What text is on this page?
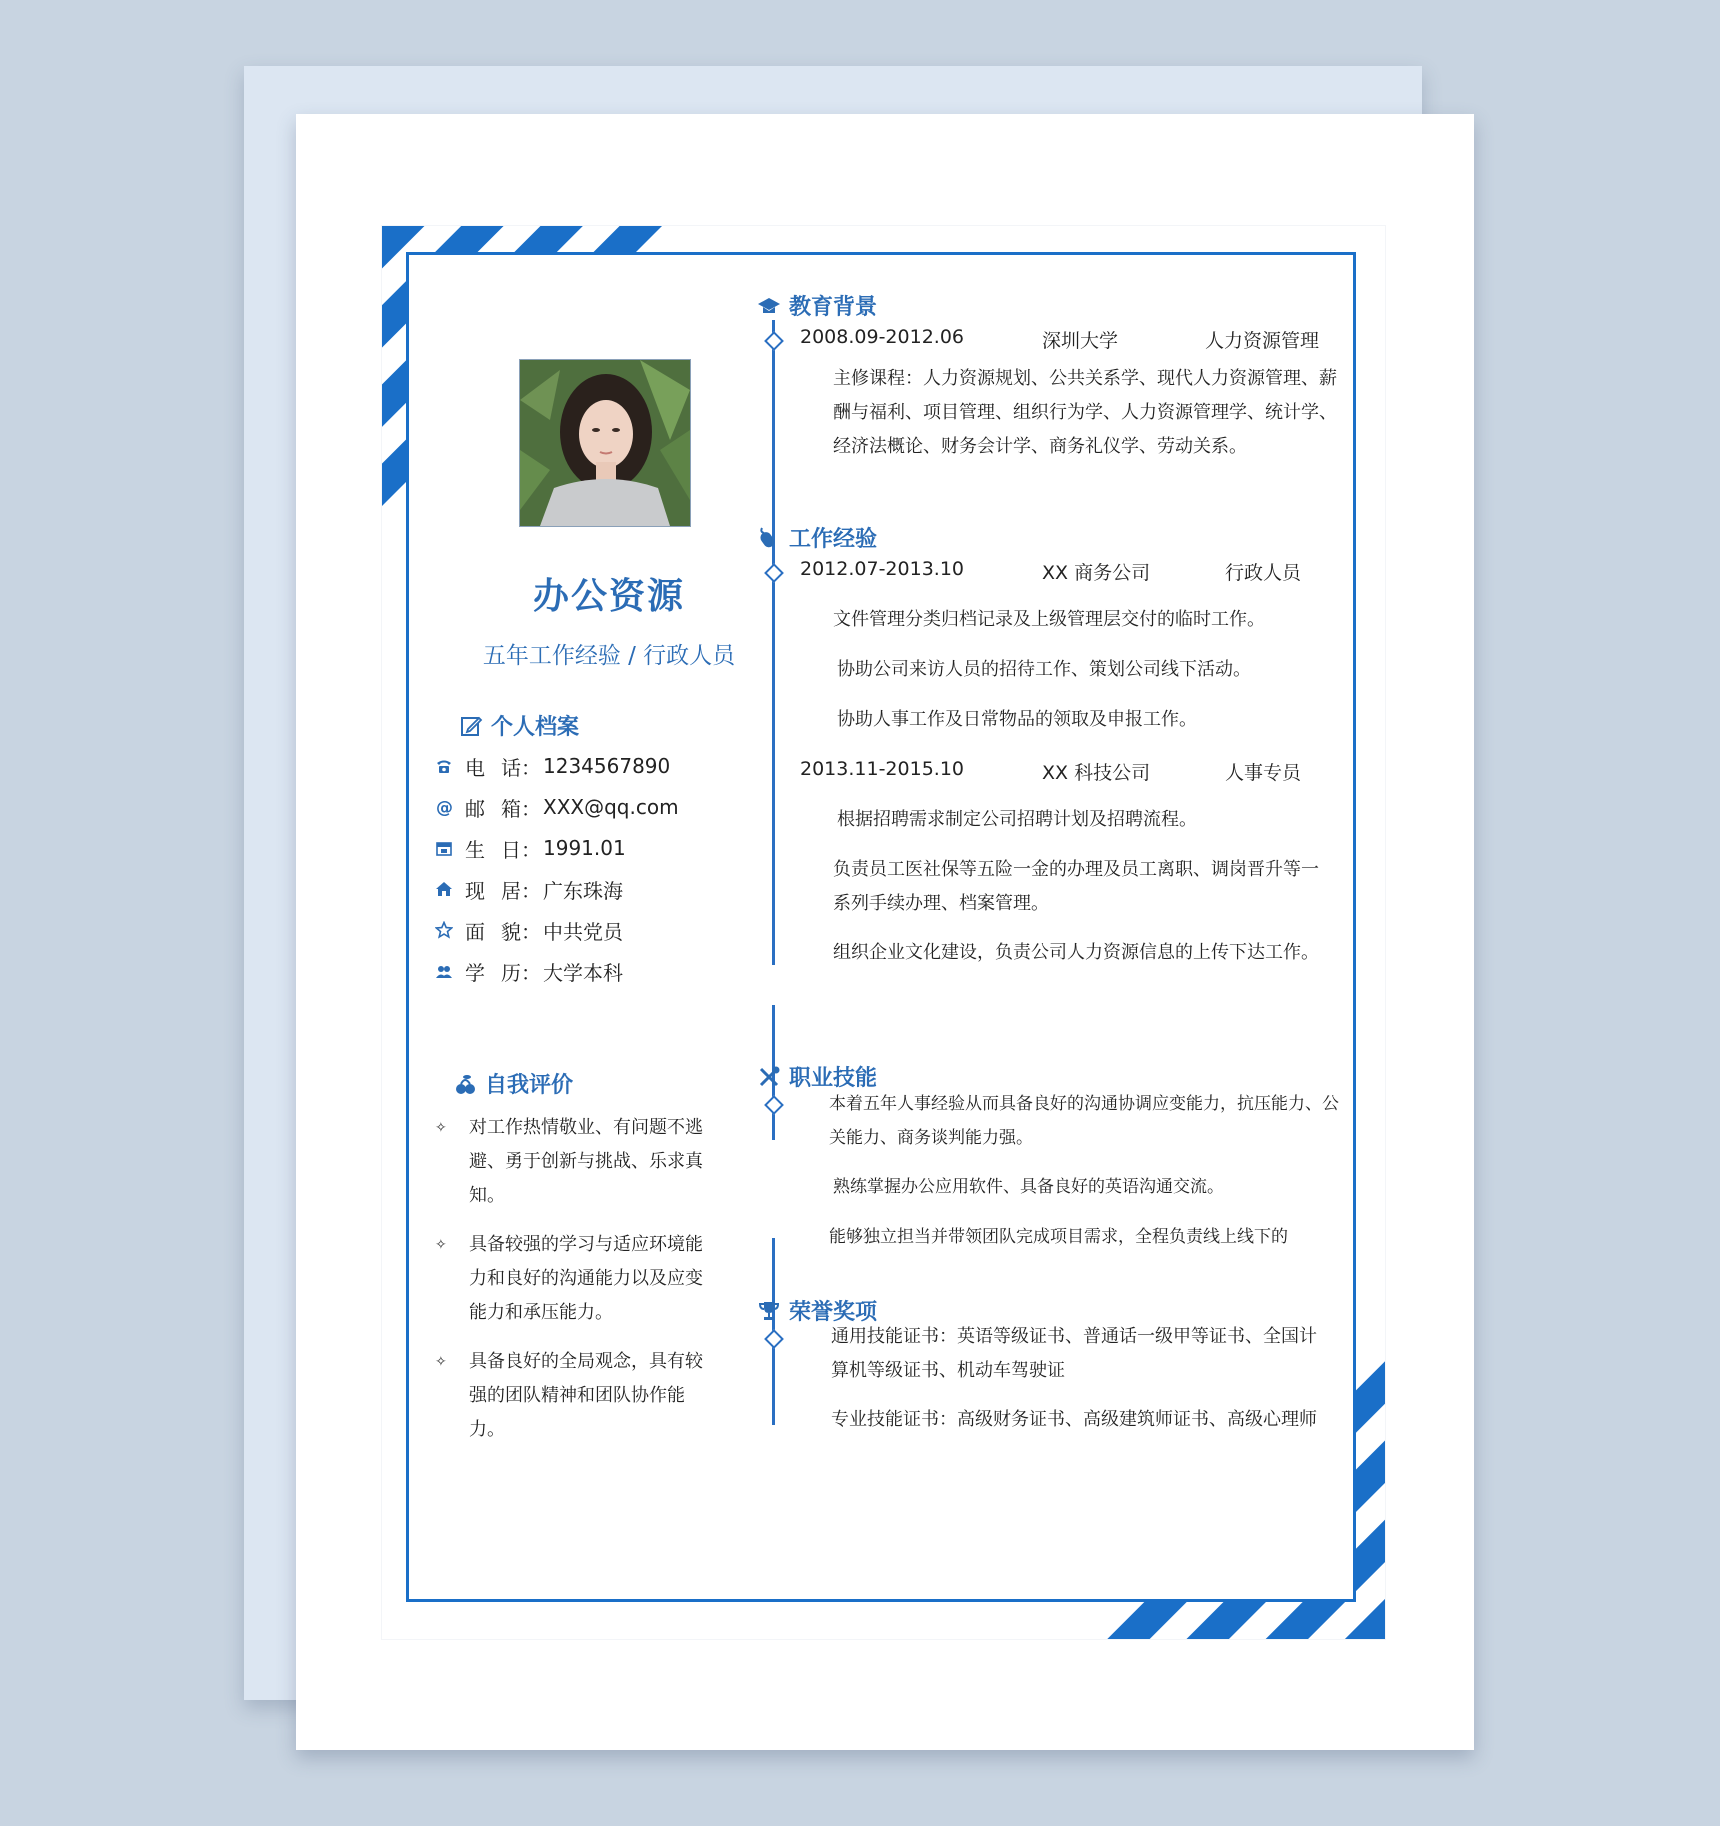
办公资源
五年工作经验 / 行政人员
个人档案
电 话： 1234567890
@ 邮 箱： XXX@qq.com
生 日： 1991.01
现 居： 广东珠海
面 貌： 中共党员
学 历： 大学本科
自我评价
✧	对工作热情敬业、有问题不逃避、勇于创新与挑战、乐求真知。
✧	具备较强的学习与适应环境能力和良好的沟通能力以及应变能力和承压能力。
✧	具备良好的全局观念，具有较强的团队精神和团队协作能力。
教育背景
2008.09-2012.06	深圳大学	人力资源管理
主修课程：人力资源规划、公共关系学、现代人力资源管理、薪酬与福利、项目管理、组织行为学、人力资源管理学、统计学、经济法概论、财务会计学、商务礼仪学、劳动关系。
工作经验
2012.07-2013.10	XX 商务公司	行政人员
文件管理分类归档记录及上级管理层交付的临时工作。
协助公司来访人员的招待工作、策划公司线下活动。
协助人事工作及日常物品的领取及申报工作。
2013.11-2015.10	XX 科技公司	人事专员
根据招聘需求制定公司招聘计划及招聘流程。
负责员工医社保等五险一金的办理及员工离职、调岗晋升等一系列手续办理、档案管理。
组织企业文化建设，负责公司人力资源信息的上传下达工作。
职业技能
本着五年人事经验从而具备良好的沟通协调应变能力，抗压能力、公关能力、商务谈判能力强。
熟练掌握办公应用软件、具备良好的英语沟通交流。
能够独立担当并带领团队完成项目需求，全程负责线上线下的
荣誉奖项
通用技能证书：英语等级证书、普通话一级甲等证书、全国计算机等级证书、机动车驾驶证
专业技能证书：高级财务证书、高级建筑师证书、高级心理师
